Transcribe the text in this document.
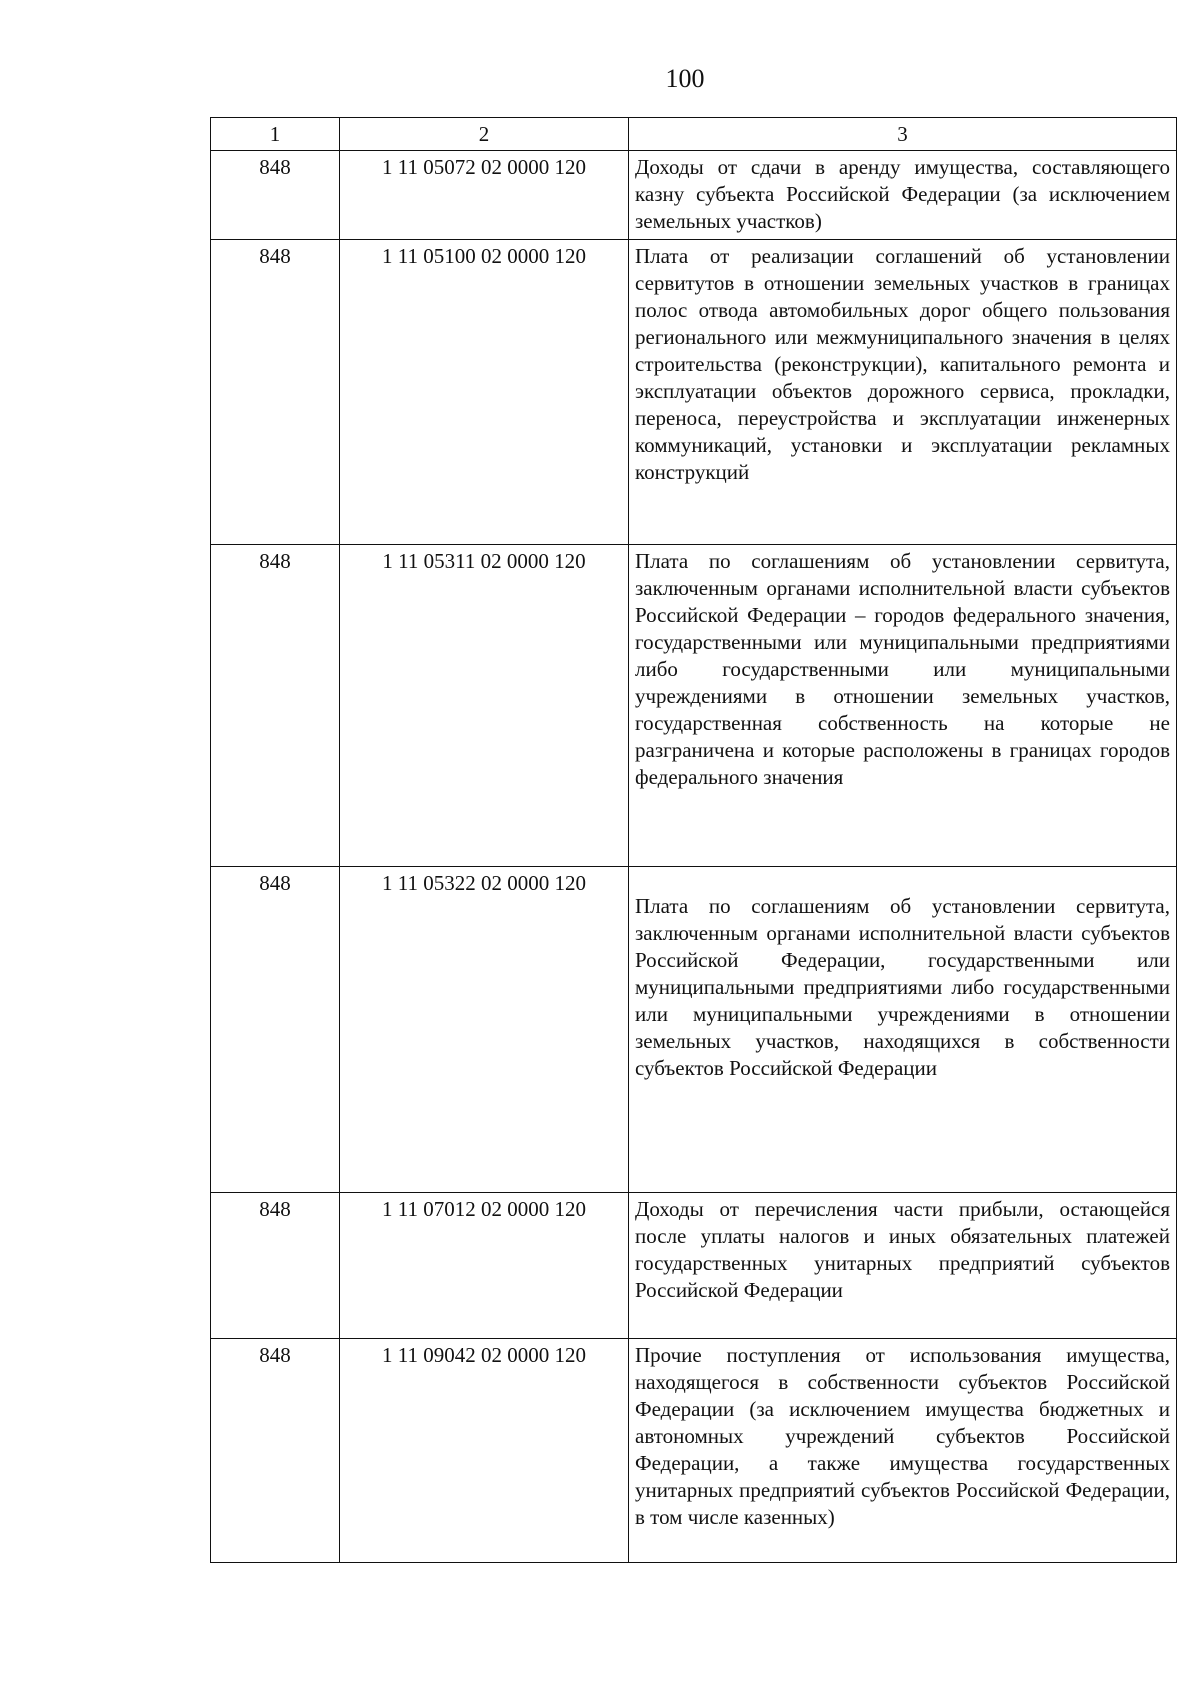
100
1	2	3
848	1 11 05072 02 0000 120	Доходы от сдачи в аренду имущества, составляющего казну субъекта Российской Федерации (за исключением земельных участков)

848	1 11 05100 02 0000 120	Плата от реализации соглашений об установлении сервитутов в отношении земельных участков в границах полос отвода автомобильных дорог общего пользования регионального или межмуниципального значения в целях строительства (реконструкции), капитального ремонта и эксплуатации объектов дорожного сервиса, прокладки, переноса, переустройства и эксплуатации инженерных коммуникаций, установки и эксплуатации рекламных конструкций

848	1 11 05311 02 0000 120	Плата по соглашениям об установлении сервитута, заключенным органами исполнительной власти субъектов Российской Федерации – городов федерального значения, государственными или муниципальными предприятиями либо государственными или муниципальными учреждениями в отношении земельных участков, государственная собственность на которые не разграничена и которые расположены в границах городов федерального значения

848	1 11 05322 02 0000 120	Плата по соглашениям об установлении сервитута, заключенным органами исполнительной власти субъектов Российской Федерации, государственными или муниципальными предприятиями либо государственными или муниципальными учреждениями в отношении земельных участков, находящихся в собственности субъектов Российской Федерации

848	1 11 07012 02 0000 120	Доходы от перечисления части прибыли, остающейся после уплаты налогов и иных обязательных платежей государственных унитарных предприятий субъектов Российской Федерации

848	1 11 09042 02 0000 120	Прочие поступления от использования имущества, находящегося в собственности субъектов Российской Федерации (за исключением имущества бюджетных и автономных учреждений субъектов Российской Федерации, а также имущества государственных унитарных предприятий субъектов Российской Федерации, в том числе казенных)
